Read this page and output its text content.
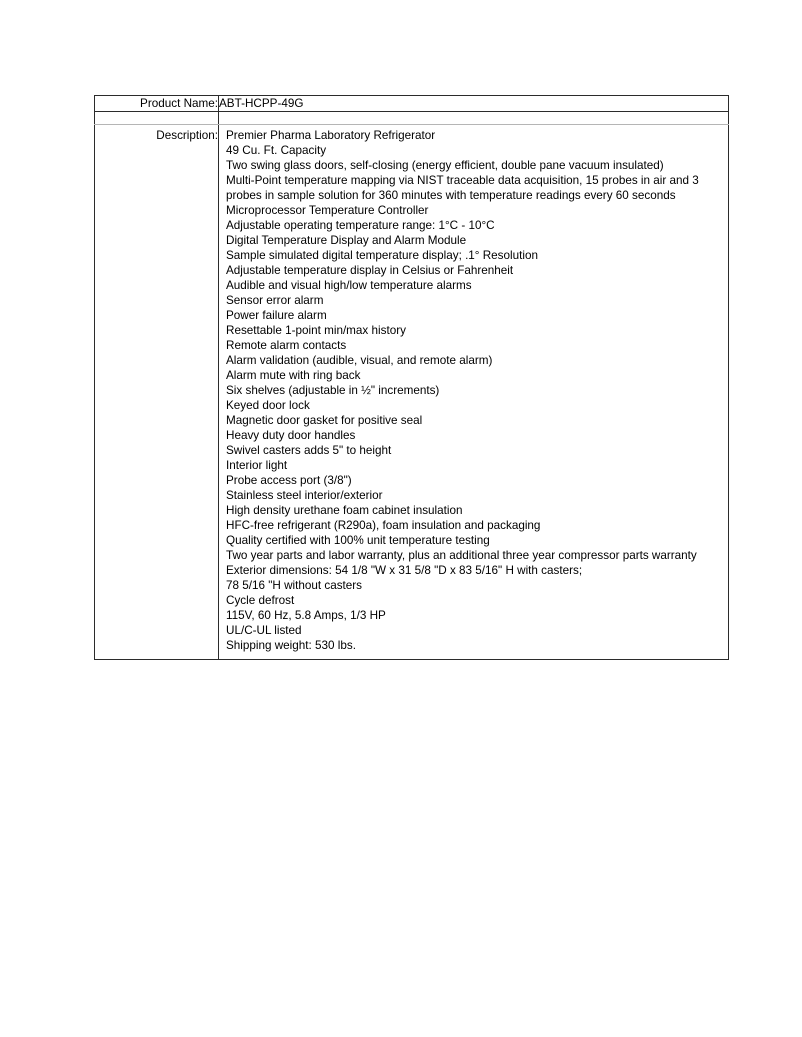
Product Name:	ABT-HCPP-49G

Description:	Premier Pharma Laboratory Refrigerator
49 Cu. Ft. Capacity
Two swing glass doors, self-closing (energy efficient, double pane vacuum insulated)
Multi-Point temperature mapping via NIST traceable data acquisition, 15 probes in air and 3 probes in sample solution for 360 minutes with temperature readings every 60 seconds
Microprocessor Temperature Controller
Adjustable operating temperature range: 1°C - 10°C
Digital Temperature Display and Alarm Module
Sample simulated digital temperature display; .1° Resolution
Adjustable temperature display in Celsius or Fahrenheit
Audible and visual high/low temperature alarms
Sensor error alarm
Power failure alarm
Resettable 1-point min/max history
Remote alarm contacts
Alarm validation (audible, visual, and remote alarm)
Alarm mute with ring back
Six shelves (adjustable in ½" increments)
Keyed door lock
Magnetic door gasket for positive seal
Heavy duty door handles
Swivel casters adds 5" to height
Interior light
Probe access port (3/8")
Stainless steel interior/exterior
High density urethane foam cabinet insulation
HFC-free refrigerant (R290a), foam insulation and packaging
Quality certified with 100% unit temperature testing
Two year parts and labor warranty, plus an additional three year compressor parts warranty
Exterior dimensions: 54 1/8 "W x 31 5/8 "D x 83 5/16" H with casters;
78 5/16 "H without casters
Cycle defrost
115V, 60 Hz, 5.8 Amps, 1/3 HP
UL/C-UL listed
Shipping weight: 530 lbs.
